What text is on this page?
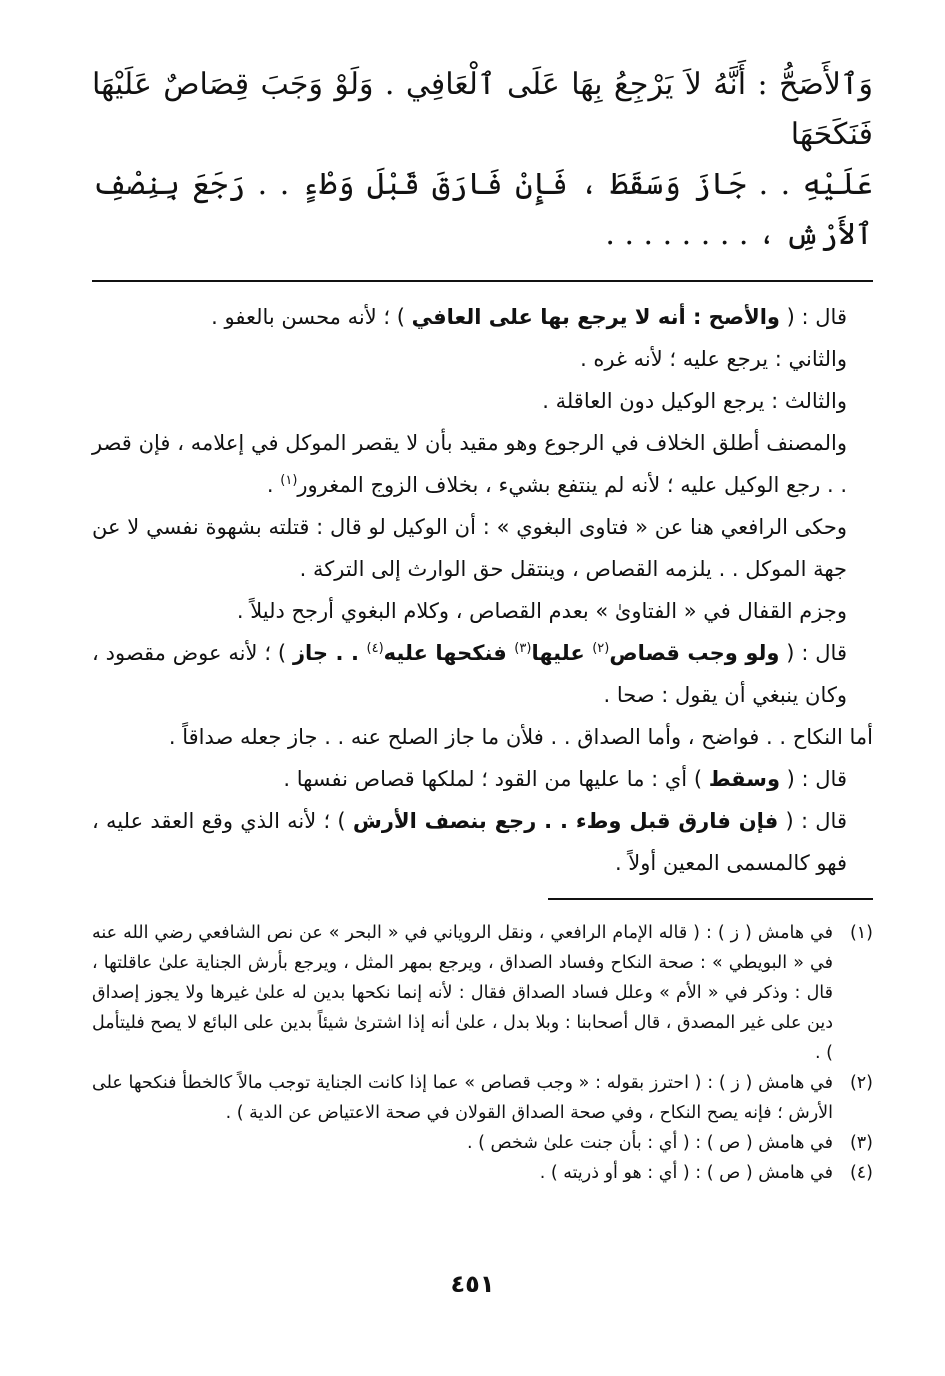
وَٱلأَصَحُّ : أَنَّهُ لاَ يَرْجِعُ بِهَا عَلَى ٱلْعَافِي . وَلَوْ وَجَبَ قِصَاصٌ عَلَيْهَا فَنَكَحَهَا
عَلَيْهِ . . جَازَ وَسَقَطَ ، فَإِنْ فَارَقَ قَبْلَ وَطْءٍ . . رَجَعَ بِنِصْفِ ٱلأَرْشِ ، . . . . . . . .

قال : ( والأصح : أنه لا يرجع بها على العافي ) ؛ لأنه محسن بالعفو .

والثاني : يرجع عليه ؛ لأنه غره .

والثالث : يرجع الوكيل دون العاقلة .

والمصنف أطلق الخلاف في الرجوع وهو مقيد بأن لا يقصر الموكل في إعلامه ، فإن قصر . . رجع الوكيل عليه ؛ لأنه لم ينتفع بشيء ، بخلاف الزوج المغرور$^{(١)}$ .

وحكى الرافعي هنا عن « فتاوى البغوي » : أن الوكيل لو قال : قتلته بشهوة نفسي لا عن جهة الموكل . . يلزمه القصاص ، وينتقل حق الوارث إلى التركة .

وجزم القفال في « الفتاوىٰ » بعدم القصاص ، وكلام البغوي أرجح دليلاً .

قال : ( ولو وجب قصاص$^{(٢)}$ عليها$^{(٣)}$ فنكحها عليه$^{(٤)}$ . . جاز ) ؛ لأنه عوض مقصود ، وكان ينبغي أن يقول : صحا .

أما النكاح . . فواضح ، وأما الصداق . . فلأن ما جاز الصلح عنه . . جاز جعله صداقاً .

قال : ( وسقط ) أي : ما عليها من القود ؛ لملكها قصاص نفسها .

قال : ( فإن فارق قبل وطء . . رجع بنصف الأرش ) ؛ لأنه الذي وقع العقد عليه ، فهو كالمسمى المعين أولاً .

(١)
في هامش ( ز ) : ( قاله الإمام الرافعي ، ونقل الروياني في « البحر » عن نص الشافعي رضي الله عنه في « البويطي » : صحة النكاح وفساد الصداق ، ويرجع بمهر المثل ، ويرجع بأرش الجناية علىٰ عاقلتها ، قال : وذكر في « الأم » وعلل فساد الصداق فقال : لأنه إنما نكحها بدين له علىٰ غيرها ولا يجوز إصداق دين على غير المصدق ، قال أصحابنا : وبلا بدل ، علىٰ أنه إذا اشترىٰ شيئاً بدين على البائع لا يصح فليتأمل ) .
(٢)
في هامش ( ز ) : ( احترز بقوله : « وجب قصاص » عما إذا كانت الجناية توجب مالاً كالخطأ فنكحها على الأرش ؛ فإنه يصح النكاح ، وفي صحة الصداق القولان في صحة الاعتياض عن الدية ) .
(٣)
في هامش ( ص ) : ( أي : بأن جنت علىٰ شخص ) .
(٤)
في هامش ( ص ) : ( أي : هو أو ذريته ) .
٤٥١
